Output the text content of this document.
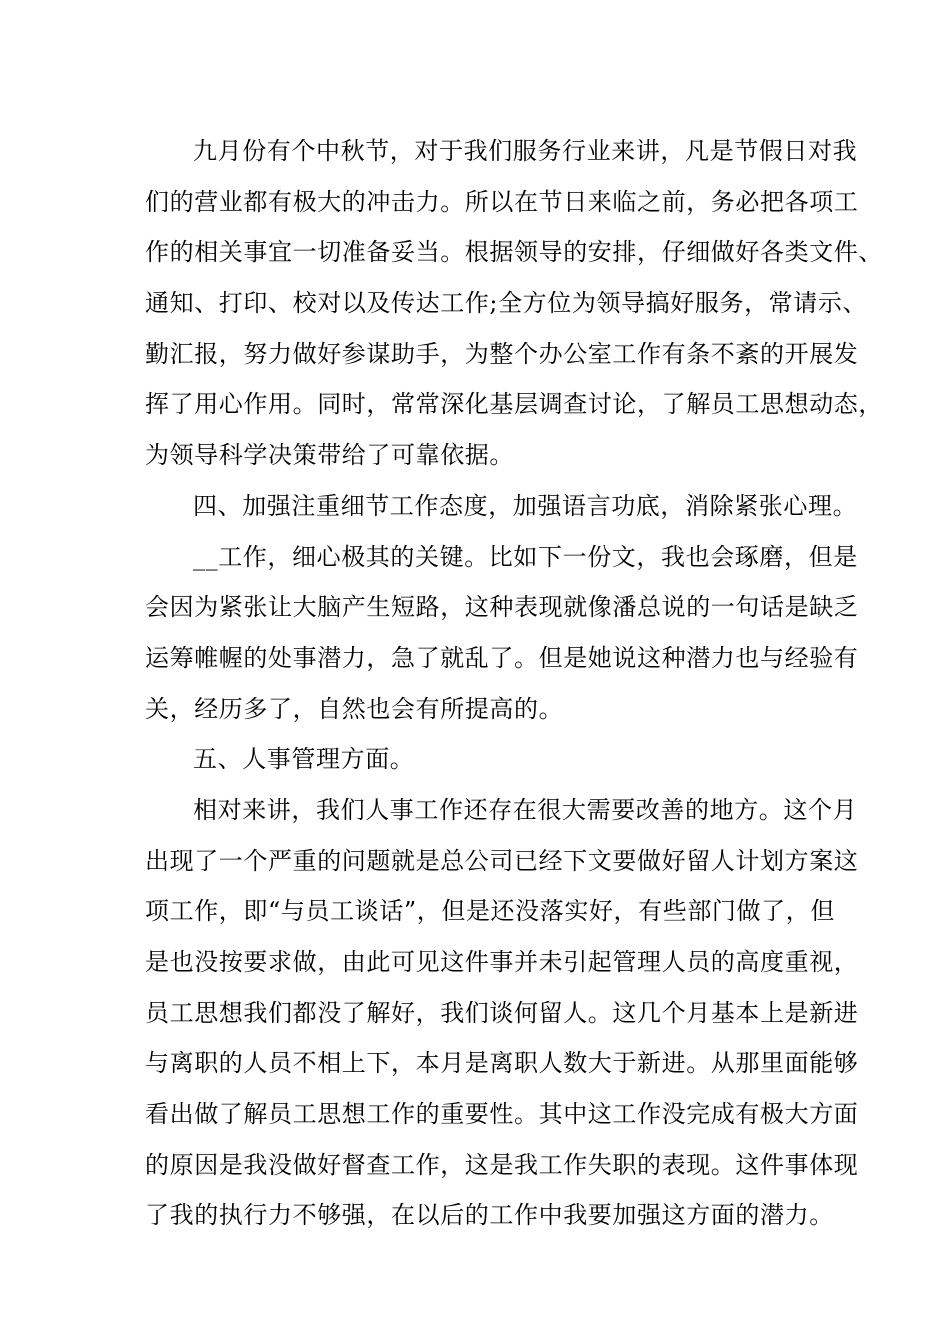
九月份有个中秋节，对于我们服务行业来讲，凡是节假日对我
们的营业都有极大的冲击力。所以在节日来临之前，务必把各项工
作的相关事宜一切准备妥当。根据领导的安排，仔细做好各类文件、
通知、打印、校对以及传达工作;全方位为领导搞好服务，常请示、
勤汇报，努力做好参谋助手，为整个办公室工作有条不紊的开展发
挥了用心作用。同时，常常深化基层调查讨论，了解员工思想动态，
为领导科学决策带给了可靠依据。
四、加强注重细节工作态度，加强语言功底，消除紧张心理。
__工作，细心极其的关键。比如下一份文，我也会琢磨，但是
会因为紧张让大脑产生短路，这种表现就像潘总说的一句话是缺乏
运筹帷幄的处事潜力，急了就乱了。但是她说这种潜力也与经验有
关，经历多了，自然也会有所提高的。
五、人事管理方面。
相对来讲，我们人事工作还存在很大需要改善的地方。这个月
出现了一个严重的问题就是总公司已经下文要做好留人计划方案这
项工作，即“与员工谈话”，但是还没落实好，有些部门做了，但
是也没按要求做，由此可见这件事并未引起管理人员的高度重视，
员工思想我们都没了解好，我们谈何留人。这几个月基本上是新进
与离职的人员不相上下，本月是离职人数大于新进。从那里面能够
看出做了解员工思想工作的重要性。其中这工作没完成有极大方面
的原因是我没做好督查工作，这是我工作失职的表现。这件事体现
了我的执行力不够强，在以后的工作中我要加强这方面的潜力。
